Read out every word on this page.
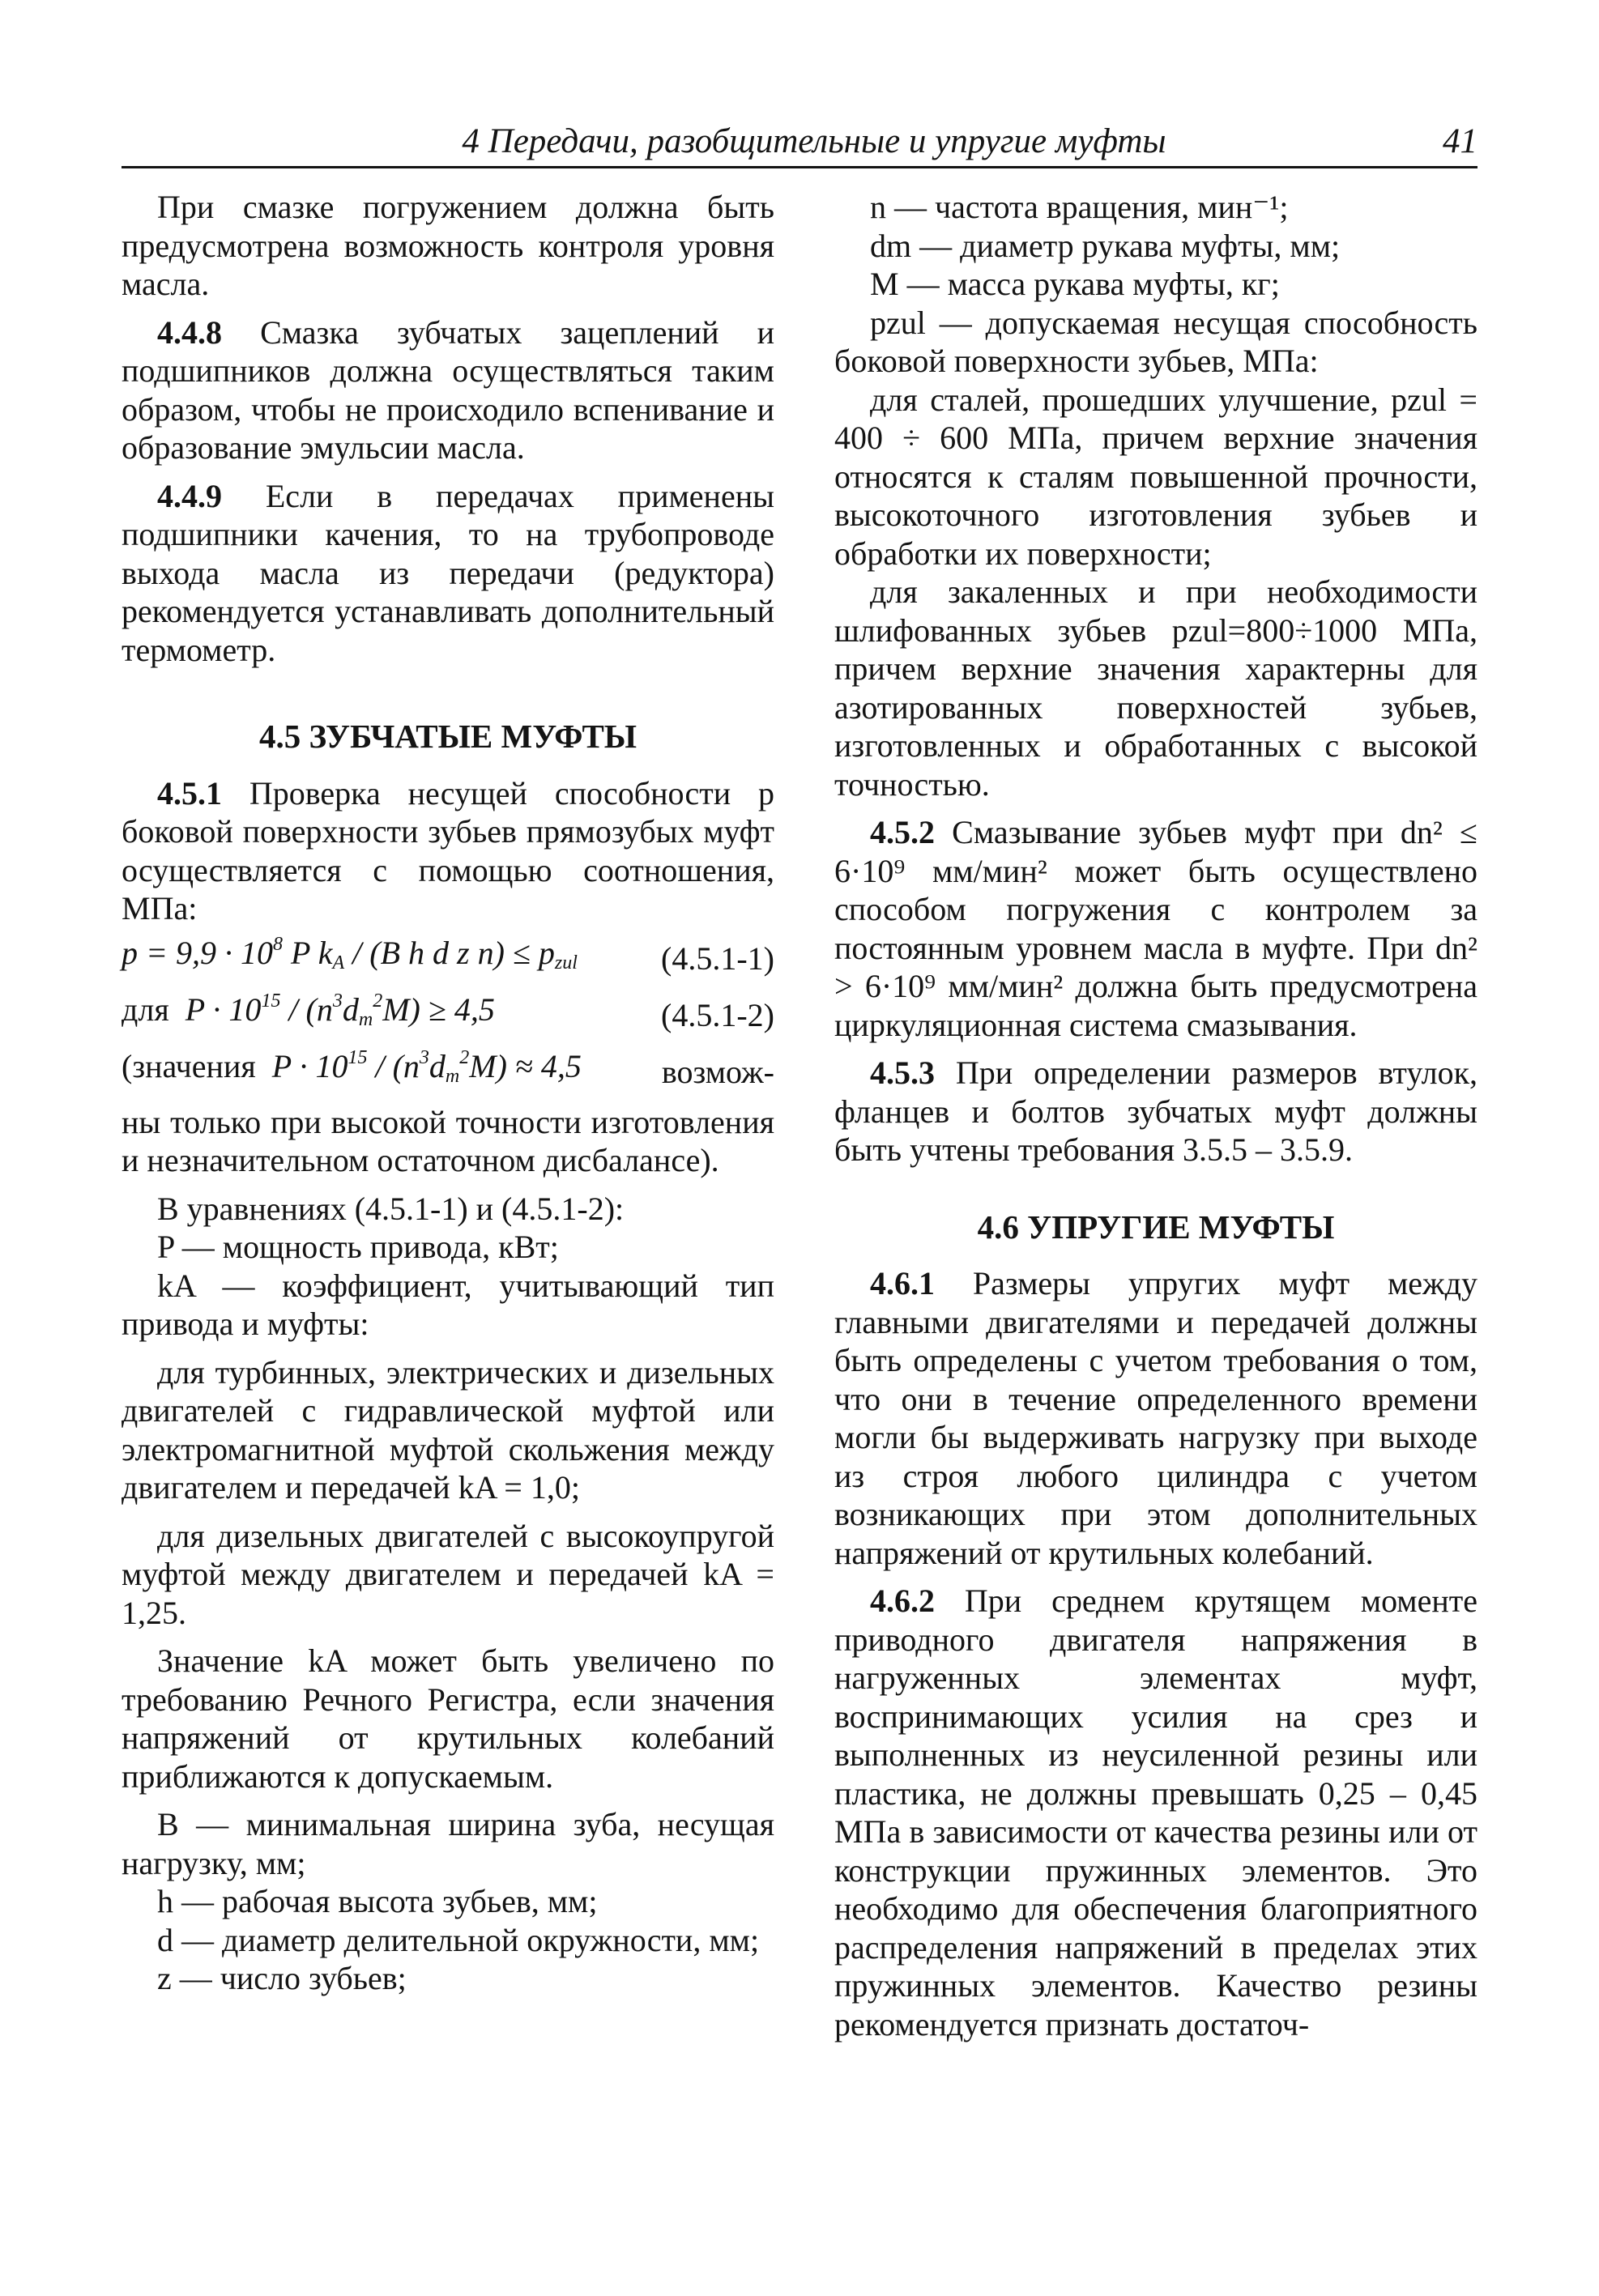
4 Передачи, разобщительные и упругие муфты	41

При смазке погружением должна быть предусмотрена возможность контроля уровня масла.

4.4.8 Смазка зубчатых зацеплений и подшипников должна осуществляться таким образом, чтобы не происходило вспенивание и образование эмульсии масла.

4.4.9 Если в передачах применены подшипники качения, то на трубопроводе выхода масла из передачи (редуктора) рекомендуется устанавливать дополнительный термометр.

4.5 ЗУБЧАТЫЕ МУФТЫ

4.5.1 Проверка несущей способности p боковой поверхности зубьев прямозубых муфт осуществляется с помощью соотношения, МПа:

$p = 9,9 \cdot 10^8$ P $k_A / (B$ h d z $n) \le p_{zul}$	(4.5.1-1)

для $P \cdot 10^{15} / (n^3d_m^2M) \ge 4,5$	(4.5.1-2)

(значения $P \cdot 10^{15} / (n^3d_m^2M) \approx 4,5$ возмож-

ны только при высокой точности изготовления и незначительном остаточном дисбалансе).

В уравнениях (4.5.1-1) и (4.5.1-2):

P — мощность привода, кВт;

kA — коэффициент, учитывающий тип привода и муфты:

для турбинных, электрических и дизельных двигателей с гидравлической муфтой или электромагнитной муфтой скольжения между двигателем и передачей kA = 1,0;

для дизельных двигателей с высокоупругой муфтой между двигателем и передачей kA = 1,25.

Значение kA может быть увеличено по требованию Речного Регистра, если значения напряжений от крутильных колебаний приближаются к допускаемым.

B — минимальная ширина зуба, несущая нагрузку, мм;

h — рабочая высота зубьев, мм;

d — диаметр делительной окружности, мм;

z — число зубьев;

n — частота вращения, мин⁻¹;

dm — диаметр рукава муфты, мм;

M — масса рукава муфты, кг;

pzul — допускаемая несущая способность боковой поверхности зубьев, МПа:

для сталей, прошедших улучшение, pzul = 400 ÷ 600 МПа, причем верхние значения относятся к сталям повышенной прочности, высокоточного изготовления зубьев и обработки их поверхности;

для закаленных и при необходимости шлифованных зубьев pzul=800÷1000 МПа, причем верхние значения характерны для азотированных поверхностей зубьев, изготовленных и обработанных с высокой точностью.

4.5.2 Смазывание зубьев муфт при dn² ≤ 6·10⁹ мм/мин² может быть осуществлено способом погружения с контролем за постоянным уровнем масла в муфте. При dn² > 6·10⁹ мм/мин² должна быть предусмотрена циркуляционная система смазывания.

4.5.3 При определении размеров втулок, фланцев и болтов зубчатых муфт должны быть учтены требования 3.5.5 – 3.5.9.

4.6 УПРУГИЕ МУФТЫ

4.6.1 Размеры упругих муфт между главными двигателями и передачей должны быть определены с учетом требования о том, что они в течение определенного времени могли бы выдерживать нагрузку при выходе из строя любого цилиндра с учетом возникающих при этом дополнительных напряжений от крутильных колебаний.

4.6.2 При среднем крутящем моменте приводного двигателя напряжения в нагруженных элементах муфт, воспринимающих усилия на срез и выполненных из неусиленной резины или пластика, не должны превышать 0,25 – 0,45 МПа в зависимости от качества резины или от конструкции пружинных элементов. Это необходимо для обеспечения благоприятного распределения напряжений в пределах этих пружинных элементов. Качество резины рекомендуется признать достаточ-
